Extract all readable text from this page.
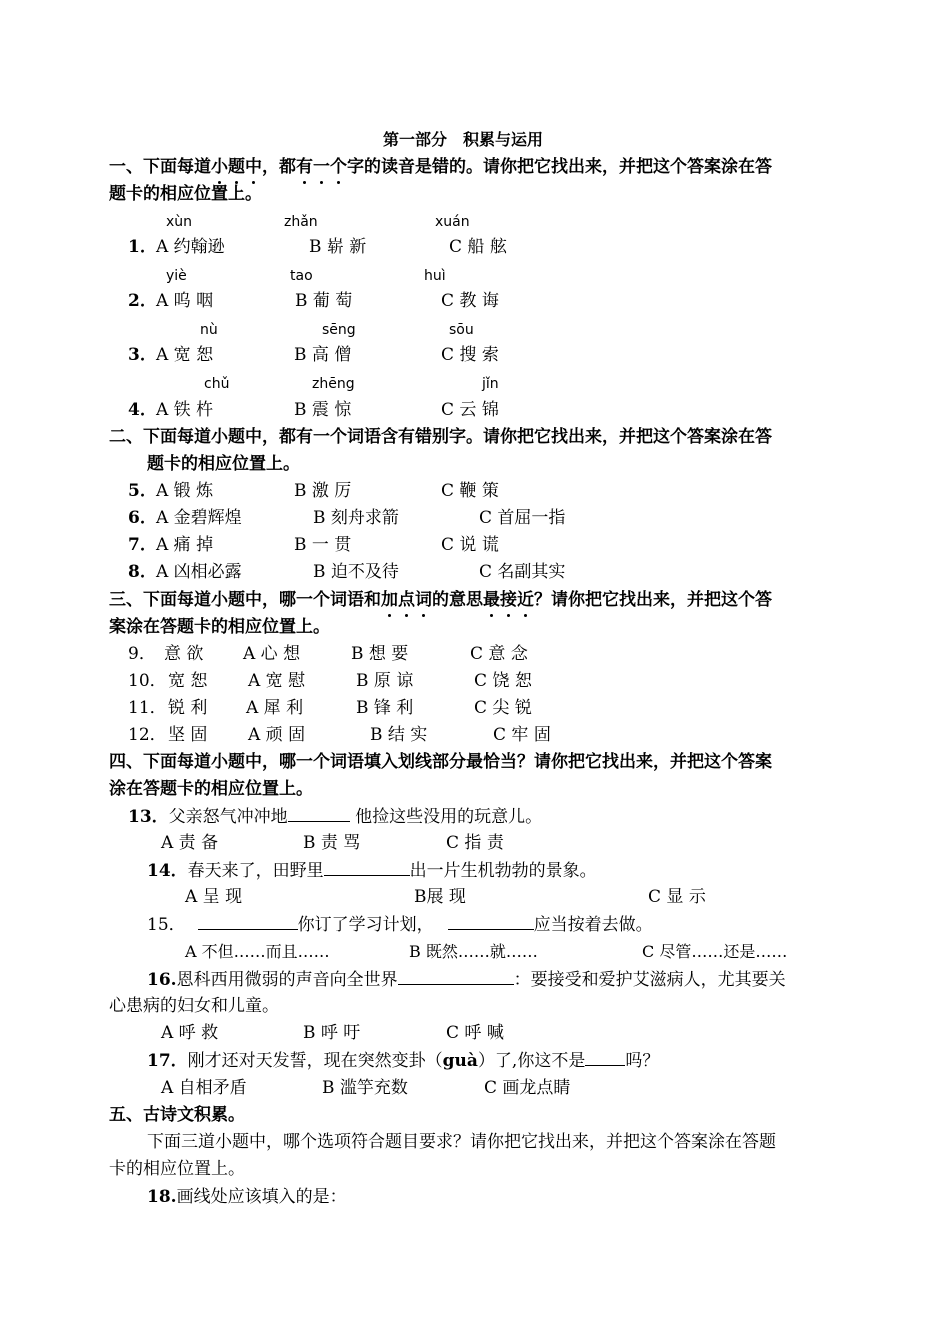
第一部分　积累与运用
一、下面每道小题中，都有一个字的读音是错的。请你把它找出来，并把这个答案涂在答
题卡的相应位置上。
xùn	zhǎn	xuán
1． A 约翰逊	B 崭 新	C 船 舷
yiè	tao	huì
2． A 呜 咽	B 葡 萄	C 教 诲
nù	sēng	sōu
3． A 宽 恕	B 高 僧	C 搜 索
chǔ	zhēng	jǐn
4． A 铁 杵	B 震 惊	C 云 锦
二、下面每道小题中，都有一个词语含有错别字。请你把它找出来，并把这个答案涂在答
题卡的相应位置上。
5． A 锻 炼	B 激 厉	C 鞭 策
6． A 金碧辉煌	B 刻舟求箭	C 首屈一指
7． A 痛 掉	B 一 贯	C 说 谎
8． A 凶相必露	B 迫不及待	C 名副其实
三、下面每道小题中，哪一个词语和加点词的意思最接近？请你把它找出来，并把这个答
案涂在答题卡的相应位置上。
9． 意 欲 A 心 想	B 想 要	C 意 念
10． 宽 恕 A 宽 慰	B 原 谅	C 饶 恕
11． 锐 利 A 犀 利	B 锋 利	C 尖 锐
12． 坚 固 A 顽 固	B 结 实	C 牢 固
四、下面每道小题中，哪一个词语填入划线部分最恰当？请你把它找出来，并把这个答案
涂在答题卡的相应位置上。
13．父亲怒气冲冲地	他捡这些没用的玩意儿。
A 责 备	B 责 骂	C 指 责
14．春天来了，田野里	出一片生机勃勃的景象。
A 呈 现	B展 现	C 显 示
15．	你订了学习计划，	应当按着去做。
A 不但……而且……	B 既然……就……	C 尽管……还是……
16.恩科西用微弱的声音向全世界	：要接受和爱护艾滋病人，尤其要关
心患病的妇女和儿童。
A 呼 救	B 呼 吁	C 呼 喊
17．刚才还对天发誓，现在突然变卦（guà）了,你这不是 吗？
A 自相矛盾	B 滥竽充数	C 画龙点睛
五、古诗文积累。
下面三道小题中，哪个选项符合题目要求？请你把它找出来，并把这个答案涂在答题
卡的相应位置上。
18.画线处应该填入的是：
